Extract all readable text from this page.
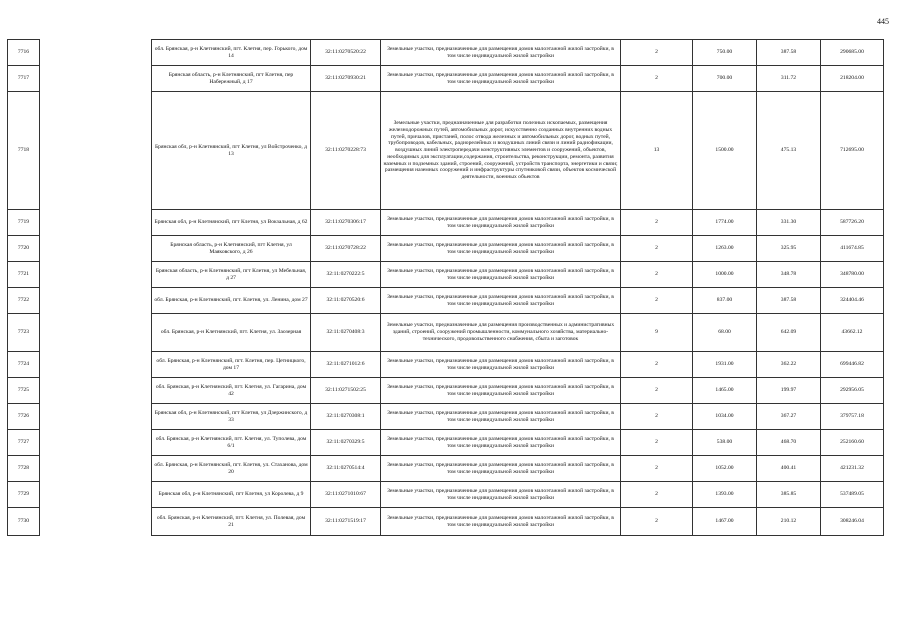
445
7716		обл. Брянская, р-н Клетнянский, пгт. Клетня, пер. Горького, дом 14	32:11:0270520:22	Земельные участки, предназначенные для размещения домов малоэтажной жилой застройки, в том числе индивидуальной жилой застройки	2	750.00	387.58	290685.00
7717		Брянская область, р-н Клетнянский, пгт Клетня, пер Набережный, д 17	32:11:0270930:21	Земельные участки, предназначенные для размещения домов малоэтажной жилой застройки, в том числе индивидуальной жилой застройки	2	700.00	311.72	218204.00
7718		Брянская обл, р-н Клетнянский, пгт Клетня, ул Войстроченко, д 13	32:11:0270228:73	Земельные участки, предназначенные для разработки полезных ископаемых, размещения железнодорожных путей, автомобильных дорог, искусственно созданных внутренних водных путей, причалов, пристаней, полос отвода железных и автомобильных дорог, водных путей, трубопроводов, кабельных, радиорелейных и воздушных линий связи и линий радиофикации, воздушных линий электропередачи конструктивных элементов и сооружений, объектов, необходимых для эксплуатации,содержания, строительства, реконструкции, ремонта, развития наземных и подземных зданий, строений, сооружений, устройств транспорта, энергетики и связи; размещения наземных сооружений и инфраструктуры спутниковой связи, объектов космической деятельности, военных объектов	13	1500.00	475.13	712695.00
7719		Брянская обл, р-н Клетнянский, пгт Клетня, ул Вокзальная, д 62	32:11:0270306:17	Земельные участки, предназначенные для размещения домов малоэтажной жилой застройки, в том числе индивидуальной жилой застройки	2	1774.00	331.30	587726.20
7720		Брянская область, р-н Клетнянский, пгт Клетня, ул Маяковского, д 26	32:11:0270728:22	Земельные участки, предназначенные для размещения домов малоэтажной жилой застройки, в том числе индивидуальной жилой застройки	2	1263.00	325.95	411674.85
7721		Брянская область, р-н Клетнянский, пгт Клетня, ул Мебельная, д 27	32:11:0270222:5	Земельные участки, предназначенные для размещения домов малоэтажной жилой застройки, в том числе индивидуальной жилой застройки	2	1000.00	348.78	348780.00
7722		обл. Брянская, р-н Клетнянский, пгт. Клетня, ул. Ленина, дом 27	32:11:0270520:6	Земельные участки, предназначенные для размещения домов малоэтажной жилой застройки, в том числе индивидуальной жилой застройки	2	837.00	387.58	324404.46
7723		обл. Брянская, р-н Клетнянский, пгт. Клетня, ул. Заозерная	32:11:0270408:3	Земельные участки, предназначенные для размещения производственных и административных зданий, строений, сооружений промышленности, коммунального хозяйства, материально-технического, продовольственного снабжения, сбыта и заготовок	9	68.00	642.09	43662.12
7724		обл. Брянская, р-н Клетнянский, пгт. Клетня, пер. Цетницкого, дом 17	32:11:0271012:6	Земельные участки, предназначенные для размещения домов малоэтажной жилой застройки, в том числе индивидуальной жилой застройки	2	1931.00	362.22	699446.82
7725		обл. Брянская, р-н Клетнянский, пгт. Клетня, ул. Гагарина, дом 42	32:11:0271502:25	Земельные участки, предназначенные для размещения домов малоэтажной жилой застройки, в том числе индивидуальной жилой застройки	2	1465.00	199.97	292956.05
7726		Брянская обл, р-н Клетнянский, пгт Клетня, ул Дзержинского, д 33	32:11:0270308:1	Земельные участки, предназначенные для размещения домов малоэтажной жилой застройки, в том числе индивидуальной жилой застройки	2	1034.00	367.27	379757.18
7727		обл. Брянская, р-н Клетнянский, пгт. Клетня, ул. Туполева, дом 6/1	32:11:0270329:5	Земельные участки, предназначенные для размещения домов малоэтажной жилой застройки, в том числе индивидуальной жилой застройки	2	538.00	468.70	252160.60
7728		обл. Брянская, р-н Клетнянский, пгт. Клетня, ул. Стаханова, дом 20	32:11:0270514:4	Земельные участки, предназначенные для размещения домов малоэтажной жилой застройки, в том числе индивидуальной жилой застройки	2	1052.00	400.41	421231.32
7729		Брянская обл, р-н Клетнянский, пгт Клетня, ул Королева, д 9	32:11:0271010:67	Земельные участки, предназначенные для размещения домов малоэтажной жилой застройки, в том числе индивидуальной жилой застройки	2	1393.00	385.85	537489.05
7730		обл. Брянская, р-н Клетнянский, пгт. Клетня, ул. Полевая, дом 21	32:11:0271519:17	Земельные участки, предназначенные для размещения домов малоэтажной жилой застройки, в том числе индивидуальной жилой застройки	2	1467.00	210.12	308246.04
